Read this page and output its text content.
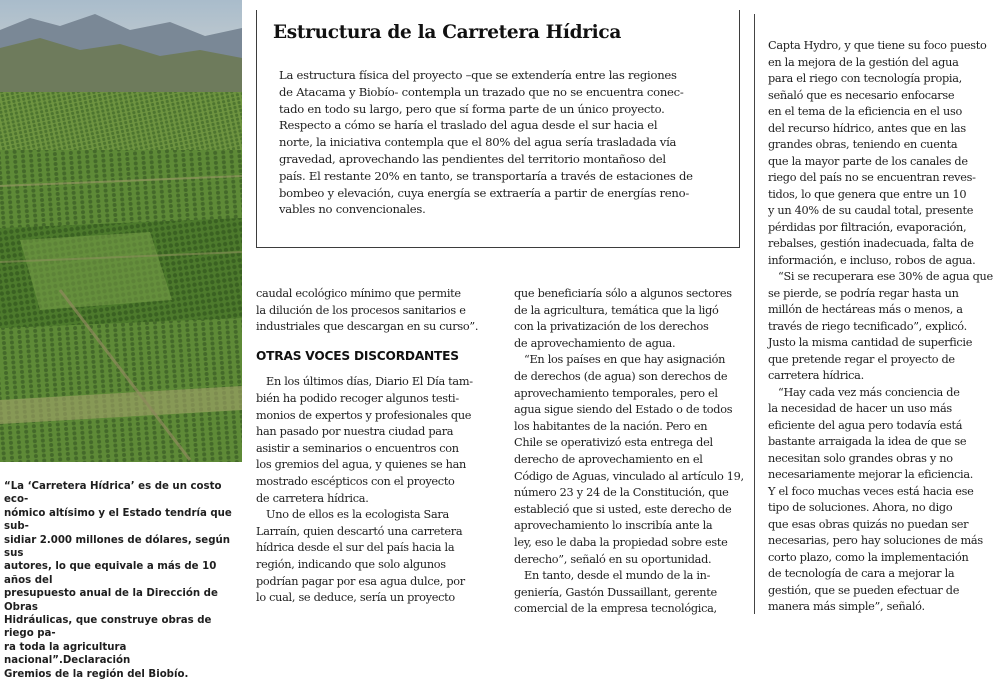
“La ‘Carretera Hídrica’ es de un costo eco-
nómico altísimo y el Estado tendría que sub-
sidiar 2.000 millones de dólares, según sus
autores, lo que equivale a más de 10 años del
presupuesto anual de la Dirección de Obras
Hidráulicas, que construye obras de riego pa-
ra toda la agricultura nacional”.Declaración
Gremios de la región del Biobío.
Estructura de la Carretera Hídrica

La estructura física del proyecto –que se extendería entre las regiones
de Atacama y Biobío- contempla un trazado que no se encuentra conec-
tado en todo su largo, pero que sí forma parte de un único proyecto.
Respecto a cómo se haría el traslado del agua desde el sur hacia el
norte, la iniciativa contempla que el 80% del agua sería trasladada vía
gravedad, aprovechando las pendientes del territorio montañoso del
país. El restante 20% en tanto, se transportaría a través de estaciones de
bombeo y elevación, cuya energía se extraería a partir de energías reno-
vables no convencionales.

caudal ecológico mínimo que permite
la dilución de los procesos sanitarios e
industriales que descargan en su curso”.
OTRAS VOCES DISCORDANTES
En los últimos días, Diario El Día tam-
bién ha podido recoger algunos testi-
monios de expertos y profesionales que
han pasado por nuestra ciudad para
asistir a seminarios o encuentros con
los gremios del agua, y quienes se han
mostrado escépticos con el proyecto
de carretera hídrica.
Uno de ellos es la ecologista Sara
Larraín, quien descartó una carretera
hídrica desde el sur del país hacia la
región, indicando que solo algunos
podrían pagar por esa agua dulce, por
lo cual, se deduce, sería un proyecto
que beneficiaría sólo a algunos sectores
de la agricultura, temática que la ligó
con la privatización de los derechos
de aprovechamiento de agua.
“En los países en que hay asignación
de derechos (de agua) son derechos de
aprovechamiento temporales, pero el
agua sigue siendo del Estado o de todos
los habitantes de la nación. Pero en
Chile se operativizó esta entrega del
derecho de aprovechamiento en el
Código de Aguas, vinculado al artículo 19,
número 23 y 24 de la Constitución, que
estableció que si usted, este derecho de
aprovechamiento lo inscribía ante la
ley, eso le daba la propiedad sobre este
derecho”, señaló en su oportunidad.
En tanto, desde el mundo de la in-
geniería, Gastón Dussaillant, gerente
comercial de la empresa tecnológica,
Capta Hydro, y que tiene su foco puesto
en la mejora de la gestión del agua
para el riego con tecnología propia,
señaló que es necesario enfocarse
en el tema de la eficiencia en el uso
del recurso hídrico, antes que en las
grandes obras, teniendo en cuenta
que la mayor parte de los canales de
riego del país no se encuentran reves-
tidos, lo que genera que entre un 10
y un 40% de su caudal total, presente
pérdidas por filtración, evaporación,
rebalses, gestión inadecuada, falta de
información, e incluso, robos de agua.
“Si se recuperara ese 30% de agua que
se pierde, se podría regar hasta un
millón de hectáreas más o menos, a
través de riego tecnificado”, explicó.
Justo la misma cantidad de superficie
que pretende regar el proyecto de
carretera hídrica.
“Hay cada vez más conciencia de
la necesidad de hacer un uso más
eficiente del agua pero todavía está
bastante arraigada la idea de que se
necesitan solo grandes obras y no
necesariamente mejorar la eficiencia.
Y el foco muchas veces está hacia ese
tipo de soluciones. Ahora, no digo
que esas obras quizás no puedan ser
necesarias, pero hay soluciones de más
corto plazo, como la implementación
de tecnología de cara a mejorar la
gestión, que se pueden efectuar de
manera más simple”, señaló.
